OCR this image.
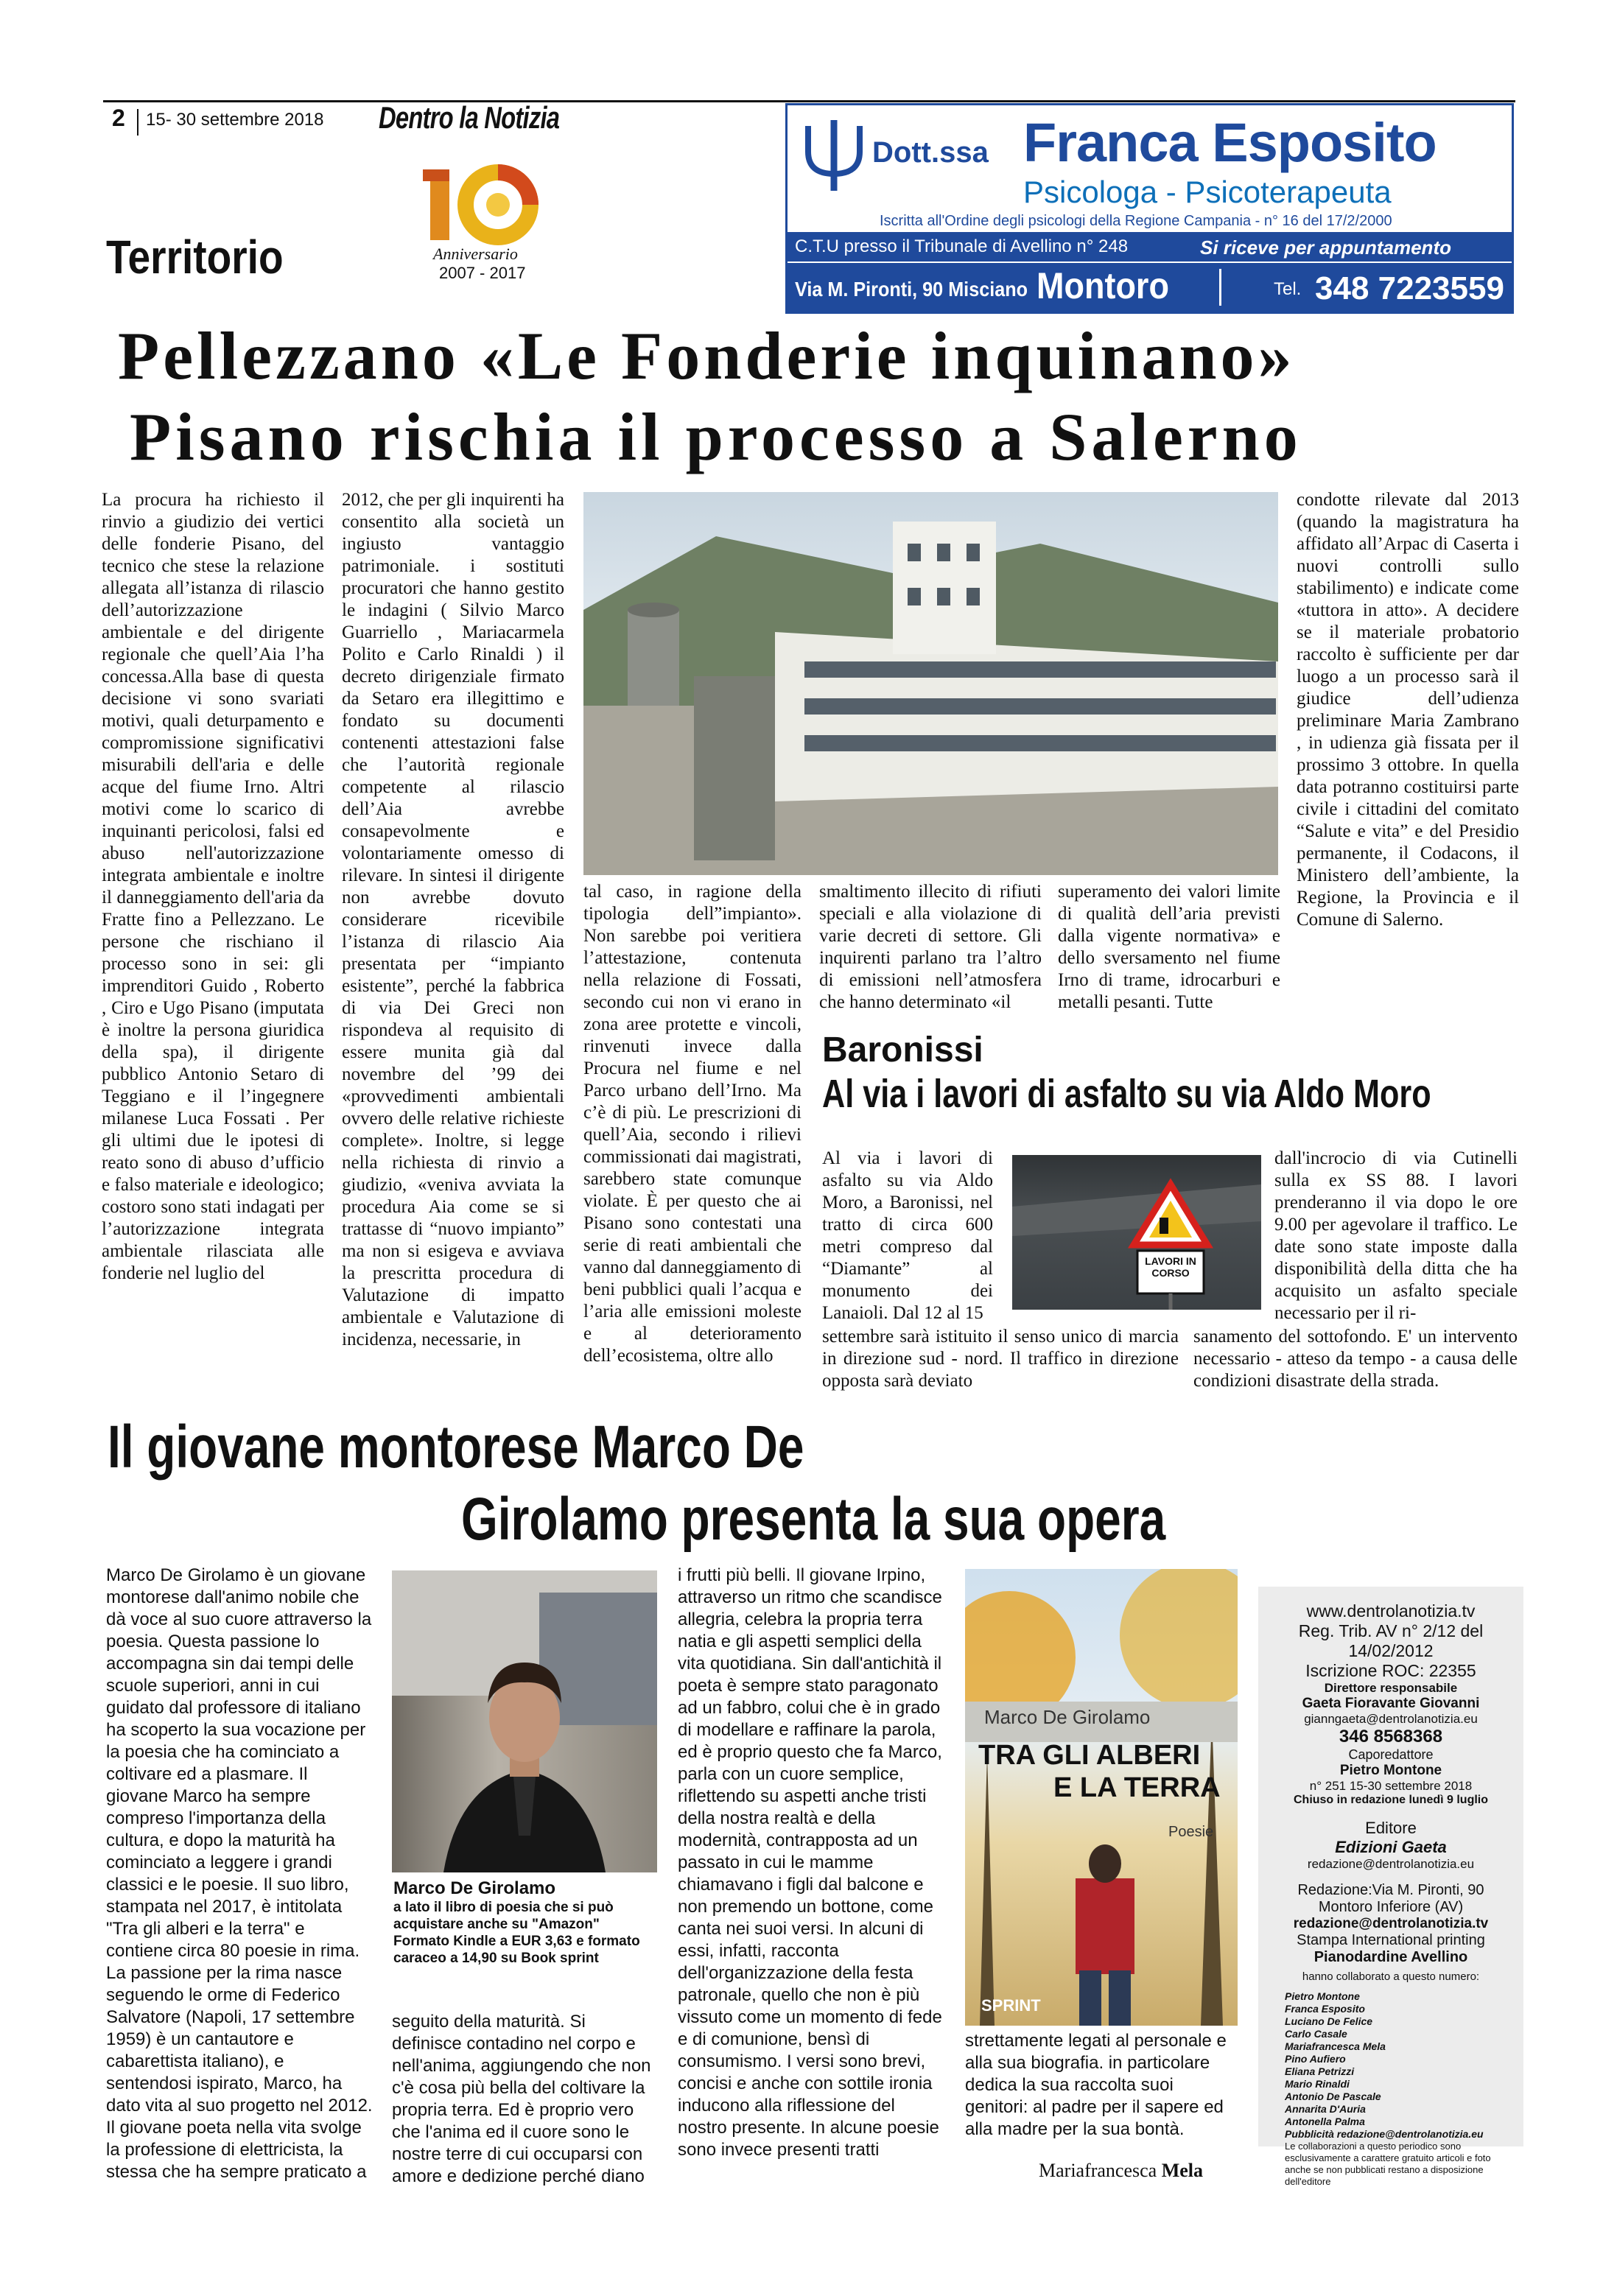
2 15- 30 settembre 2018 Dentro la Notizia
Anniversario
2007 - 2017
Territorio
Dott.ssa Franca Esposito
Psicologa - Psicoterapeuta
Iscritta all'Ordine degli psicologi della Regione Campania - n° 16 del 17/2/2000
C.T.U presso il Tribunale di Avellino n° 248	Si riceve per appuntamento
Via M. Pironti, 90 Misciano Montoro	Tel. 348 7223559
Pellezzano «Le Fonderie inquinano»
Pisano rischia il processo a Salerno
La procura ha richiesto il rinvio a giudizio dei vertici delle fonderie Pisano, del tecnico che stese la relazione allegata all’istanza di rilascio dell’autorizzazione ambientale e del dirigente regionale che quell’Aia l’ha concessa.Alla base di questa decisione vi sono svariati motivi, quali deturpamento e compromissione significativi misurabili dell'aria e delle acque del fiume Irno. Altri motivi come lo scarico di inquinanti pericolosi, falsi ed abuso nell'autorizzazione integrata ambientale e inoltre il danneggiamento dell'aria da Fratte fino a Pellezzano. Le persone che rischiano il processo sono in sei: gli imprenditori Guido , Roberto , Ciro e Ugo Pisano (imputata è inoltre la persona giuridica della spa), il dirigente pubblico Antonio Setaro di Teggiano e il l’ingegnere milanese Luca Fossati . Per gli ultimi due le ipotesi di reato sono di abuso d’ufficio e falso materiale e ideologico; costoro sono stati indagati per l’autorizzazione integrata ambientale rilasciata alle fonderie nel luglio del
2012, che per gli inquirenti ha consentito alla società un ingiusto vantaggio patrimoniale. i sostituti procuratori che hanno gestito le indagini ( Silvio Marco Guarriello , Mariacarmela Polito e Carlo Rinaldi ) il decreto dirigenziale firmato da Setaro era illegittimo e fondato su documenti contenenti attestazioni false che l’autorità regionale competente al rilascio dell’Aia avrebbe consapevolmente e volontariamente omesso di rilevare. In sintesi il dirigente non avrebbe dovuto considerare ricevibile l’istanza di rilascio Aia presentata per “impianto esistente”, perché la fabbrica di via Dei Greci non rispondeva al requisito di essere munita già dal novembre del ’99 dei «provvedimenti ambientali ovvero delle relative richieste complete». Inoltre, si legge nella richiesta di rinvio a giudizio, «veniva avviata la procedura Aia come se si trattasse di “nuovo impianto” ma non si esigeva e avviava la prescritta procedura di Valutazione di impatto ambientale e Valutazione di incidenza, necessarie, in
tal caso, in ragione della tipologia dell”impianto». Non sarebbe poi veritiera l’attestazione, contenuta nella relazione di Fossati, secondo cui non vi erano in zona aree protette e vincoli, rinvenuti invece dalla Procura nel fiume e nel Parco urbano dell’Irno. Ma c’è di più. Le prescrizioni di quell’Aia, secondo i rilievi commissionati dai magistrati, sarebbero state comunque violate. È per questo che ai Pisano sono contestati una serie di reati ambientali che vanno dal danneggiamento di beni pubblici quali l’acqua e l’aria alle emissioni moleste e al deterioramento dell’ecosistema, oltre allo
smaltimento illecito di rifiuti speciali e alla violazione di varie decreti di settore. Gli inquirenti parlano tra l’altro di emissioni nell’atmosfera che hanno determinato «il
superamento dei valori limite di qualità dell’aria previsti dalla vigente normativa» e dello sversamento nel fiume Irno di trame, idrocarburi e metalli pesanti. Tutte
condotte rilevate dal 2013 (quando la magistratura ha affidato all’Arpac di Caserta i nuovi controlli sullo stabilimento) e indicate come «tuttora in atto». A decidere se il materiale probatorio raccolto è sufficiente per dar luogo a un processo sarà il giudice dell’udienza preliminare Maria Zambrano , in udienza già fissata per il prossimo 3 ottobre. In quella data potranno costituirsi parte civile i cittadini del comitato “Salute e vita” e del Presidio permanente, il Codacons, il Ministero dell’ambiente, la Regione, la Provincia e il Comune di Salerno.
Baronissi
Al via i lavori di asfalto su via Aldo Moro
Al via i lavori di asfalto su via Aldo Moro, a Baronissi, nel tratto di circa 600 metri compreso dal “Diamante” al monumento dei Lanaioli. Dal 12 al 15
LAVORI IN CORSO
dall'incrocio di via Cutinelli sulla ex SS 88. I lavori prenderanno il via dopo le ore 9.00 per agevolare il traffico. Le date sono state imposte dalla disponibilità della ditta che ha acquisito un asfalto speciale necessario per il ri-
settembre sarà istituito il senso unico di marcia in direzione sud - nord. Il traffico in direzione opposta sarà deviato
sanamento del sottofondo. E' un intervento necessario - atteso da tempo - a causa delle condizioni disastrate della strada.
Il giovane montorese Marco De
Girolamo presenta la sua opera
Marco De Girolamo è un giovane montorese dall'animo nobile che dà voce al suo cuore attraverso la poesia. Questa passione lo accompagna sin dai tempi delle scuole superiori, anni in cui guidato dal professore di italiano ha scoperto la sua vocazione per la poesia che ha cominciato a coltivare ed a plasmare. Il giovane Marco ha sempre compreso l'importanza della cultura, e dopo la maturità ha cominciato a leggere i grandi classici e le poesie. Il suo libro, stampata nel 2017, è intitolata "Tra gli alberi e la terra" e contiene circa 80 poesie in rima. La passione per la rima nasce seguendo le orme di Federico Salvatore (Napoli, 17 settembre 1959) è un cantautore e cabarettista italiano), e sentendosi ispirato, Marco, ha dato vita al suo progetto nel 2012. Il giovane poeta nella vita svolge la professione di elettricista, la stessa che ha sempre praticato a
Marco De Girolamo
a lato il libro di poesia che si può acquistare anche su "Amazon" Formato Kindle a EUR 3,63 e formato caraceo a 14,90 su Book sprint
seguito della maturità. Si definisce contadino nel corpo e nell'anima, aggiungendo che non c'è cosa più bella del coltivare la propria terra. Ed è proprio vero che l'anima ed il cuore sono le nostre terre di cui occuparsi con amore e dedizione perché diano
i frutti più belli. Il giovane Irpino, attraverso un ritmo che scandisce allegria, celebra la propria terra natia e gli aspetti semplici della vita quotidiana. Sin dall'antichità il poeta è sempre stato paragonato ad un fabbro, colui che è in grado di modellare e raffinare la parola, ed è proprio questo che fa Marco, parla con un cuore semplice, riflettendo su aspetti anche tristi della nostra realtà e della modernità, contrapposta ad un passato in cui le mamme chiamavano i figli dal balcone e non premendo un bottone, come canta nei suoi versi. In alcuni di essi, infatti, racconta dell'organizzazione della festa patronale, quello che non è più vissuto come un momento di fede e di comunione, bensì di consumismo. I versi sono brevi, concisi e anche con sottile ironia inducono alla riflessione del nostro presente. In alcune poesie sono invece presenti tratti
Marco De Girolamo
TRA GLI ALBERI
E LA TERRA
Poesie
SPRINT
strettamente legati al personale e alla sua biografia. in particolare dedica la sua raccolta suoi genitori: al padre per il sapere ed alla madre per la sua bontà.
Mariafrancesca Mela
www.dentrolanotizia.tv
Reg. Trib. AV n° 2/12 del 14/02/2012
Iscrizione ROC: 22355
Direttore responsabile
Gaeta Fioravante Giovanni
gianngaeta@dentrolanotizia.eu
346 8568368
Caporedattore
Pietro Montone
n° 251 15-30 settembre 2018
Chiuso in redazione lunedì 9 luglio
Editore
Edizioni Gaeta
redazione@dentrolanotizia.eu
Redazione:Via M. Pironti, 90 Montoro Inferiore (AV)
redazione@dentrolanotizia.tv
Stampa International printing
Pianodardine Avellino
hanno collaborato a questo numero:
Pietro Montone
Franca Esposito
Luciano De Felice
Carlo Casale
Mariafrancesca Mela
Pino Aufiero
Eliana Petrizzi
Mario Rinaldi
Antonio De Pascale
Annarita D'Auria
Antonella Palma
Pubblicità redazione@dentrolanotizia.eu
Le collaborazioni a questo periodico sono esclusivamente a carattere gratuito articoli e foto anche se non pubblicati restano a disposizione dell'editore
